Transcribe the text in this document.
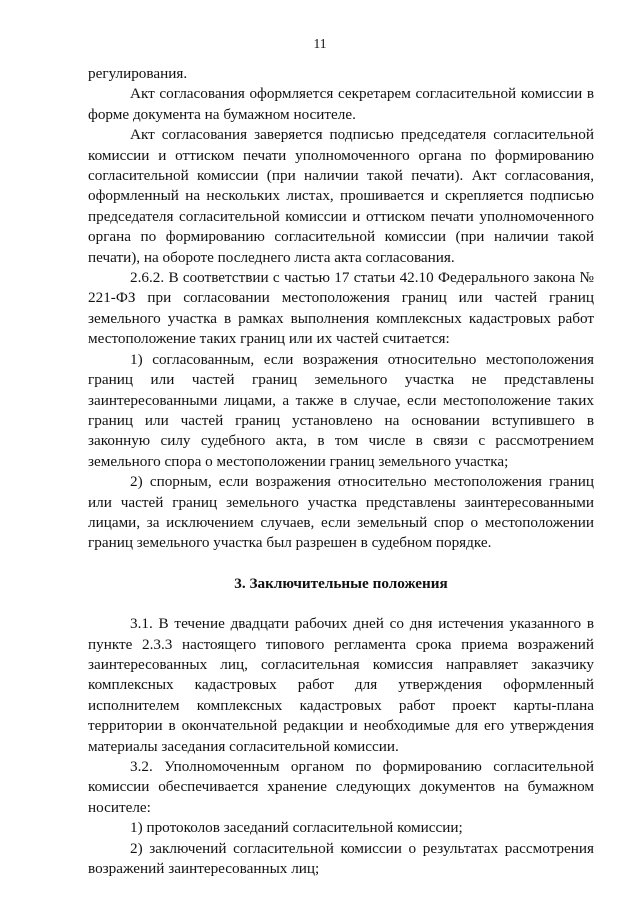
11

регулирования.

Акт согласования оформляется секретарем согласительной комиссии в форме документа на бумажном носителе.

Акт согласования заверяется подписью председателя согласительной комиссии и оттиском печати уполномоченного органа по формированию согласительной комиссии (при наличии такой печати). Акт согласования, оформленный на нескольких листах, прошивается и скрепляется подписью председателя согласительной комиссии и оттиском печати уполномоченного органа по формированию согласительной комиссии (при наличии такой печати), на обороте последнего листа акта согласования.

2.6.2. В соответствии с частью 17 статьи 42.10 Федерального закона № 221-ФЗ при согласовании местоположения границ или частей границ земельного участка в рамках выполнения комплексных кадастровых работ местоположение таких границ или их частей считается:

1) согласованным, если возражения относительно местоположения границ или частей границ земельного участка не представлены заинтересованными лицами, а также в случае, если местоположение таких границ или частей границ установлено на основании вступившего в законную силу судебного акта, в том числе в связи с рассмотрением земельного спора о местоположении границ земельного участка;

2) спорным, если возражения относительно местоположения границ или частей границ земельного участка представлены заинтересованными лицами, за исключением случаев, если земельный спор о местоположении границ земельного участка был разрешен в судебном порядке.

3. Заключительные положения

3.1. В течение двадцати рабочих дней со дня истечения указанного в пункте 2.3.3 настоящего типового регламента срока приема возражений заинтересованных лиц, согласительная комиссия направляет заказчику комплексных кадастровых работ для утверждения оформленный исполнителем комплексных кадастровых работ проект карты-плана территории в окончательной редакции и необходимые для его утверждения материалы заседания согласительной комиссии.

3.2. Уполномоченным органом по формированию согласительной комиссии обеспечивается хранение следующих документов на бумажном носителе:

1) протоколов заседаний согласительной комиссии;

2) заключений согласительной комиссии о результатах рассмотрения возражений заинтересованных лиц;
